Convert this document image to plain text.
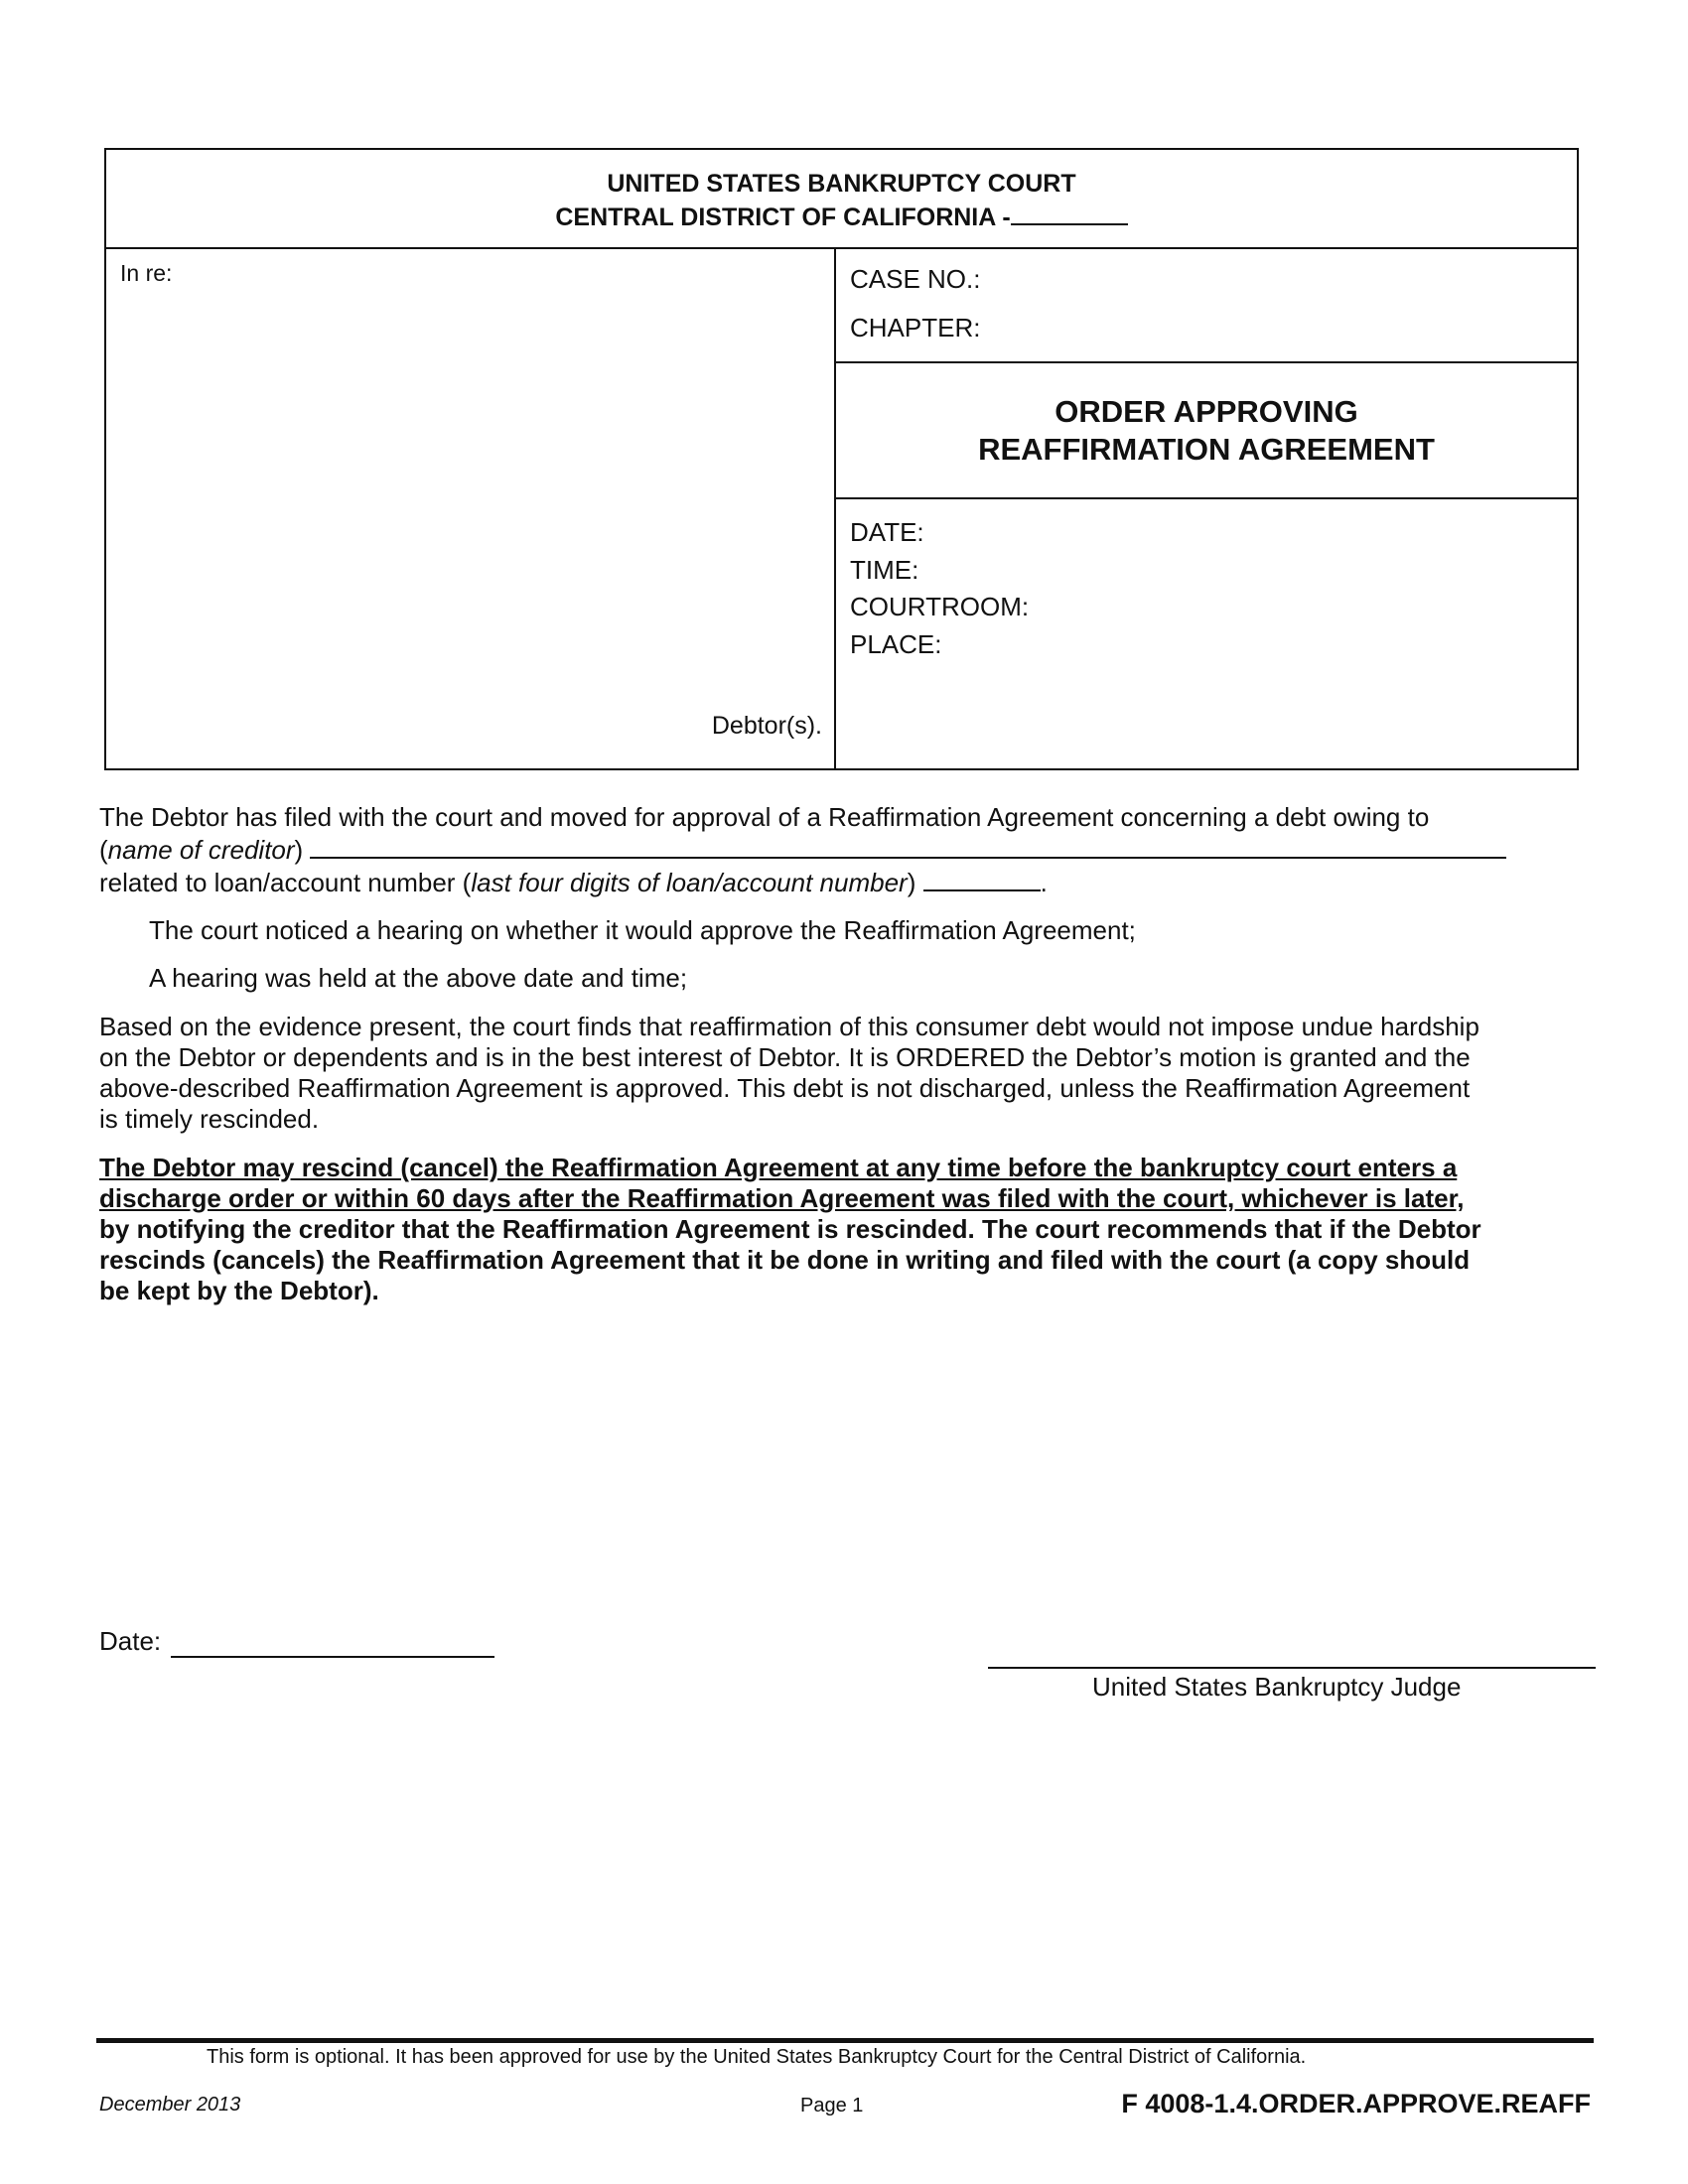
UNITED STATES BANKRUPTCY COURT
CENTRAL DISTRICT OF CALIFORNIA -
In re:
Debtor(s).
CASE NO.:
CHAPTER:
ORDER APPROVING
REAFFIRMATION AGREEMENT
DATE:
TIME:
COURTROOM:
PLACE:
The Debtor has filed with the court and moved for approval of a Reaffirmation Agreement concerning a debt owing to
(name of creditor)
related to loan/account number (last four digits of loan/account number)	.
The court noticed a hearing on whether it would approve the Reaffirmation Agreement;
A hearing was held at the above date and time;
Based on the evidence present, the court finds that reaffirmation of this consumer debt would not impose undue hardship
on the Debtor or dependents and is in the best interest of Debtor. It is ORDERED the Debtor’s motion is granted and the
above-described Reaffirmation Agreement is approved. This debt is not discharged, unless the Reaffirmation Agreement
is timely rescinded.
The Debtor may rescind (cancel) the Reaffirmation Agreement at any time before the bankruptcy court enters a
discharge order or within 60 days after the Reaffirmation Agreement was filed with the court, whichever is later,
by notifying the creditor that the Reaffirmation Agreement is rescinded. The court recommends that if the Debtor
rescinds (cancels) the Reaffirmation Agreement that it be done in writing and filed with the court (a copy should
be kept by the Debtor).
Date:
United States Bankruptcy Judge
This form is optional. It has been approved for use by the United States Bankruptcy Court for the Central District of California.
December 2013	Page 1	F 4008-1.4.ORDER.APPROVE.REAFF
